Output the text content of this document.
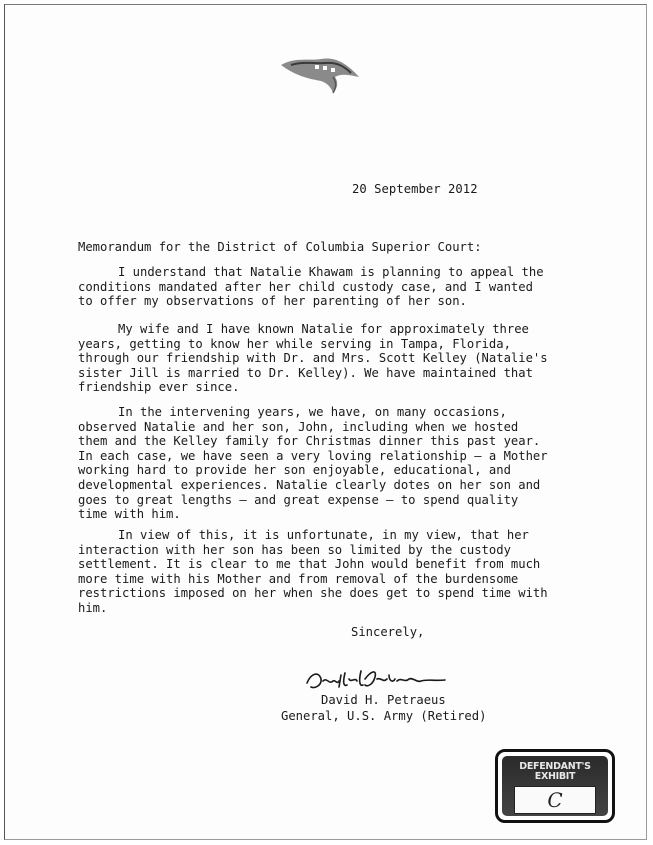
20 September 2012
Memorandum for the District of Columbia Superior Court:

I understand that Natalie Khawam is planning to appeal the
conditions mandated after her child custody case, and I wanted
to offer my observations of her parenting of her son.

My wife and I have known Natalie for approximately three
years, getting to know her while serving in Tampa, Florida,
through our friendship with Dr. and Mrs. Scott Kelley (Natalie's
sister Jill is married to Dr. Kelley). We have maintained that
friendship ever since.

In the intervening years, we have, on many occasions,
observed Natalie and her son, John, including when we hosted
them and the Kelley family for Christmas dinner this past year.
In each case, we have seen a very loving relationship – a Mother
working hard to provide her son enjoyable, educational, and
developmental experiences. Natalie clearly dotes on her son and
goes to great lengths – and great expense – to spend quality
time with him.

In view of this, it is unfortunate, in my view, that her
interaction with her son has been so limited by the custody
settlement. It is clear to me that John would benefit from much
more time with his Mother and from removal of the burdensome
restrictions imposed on her when she does get to spend time with
him.

Sincerely,
David H. Petraeus
General, U.S. Army (Retired)
DEFENDANT'S EXHIBIT
C
